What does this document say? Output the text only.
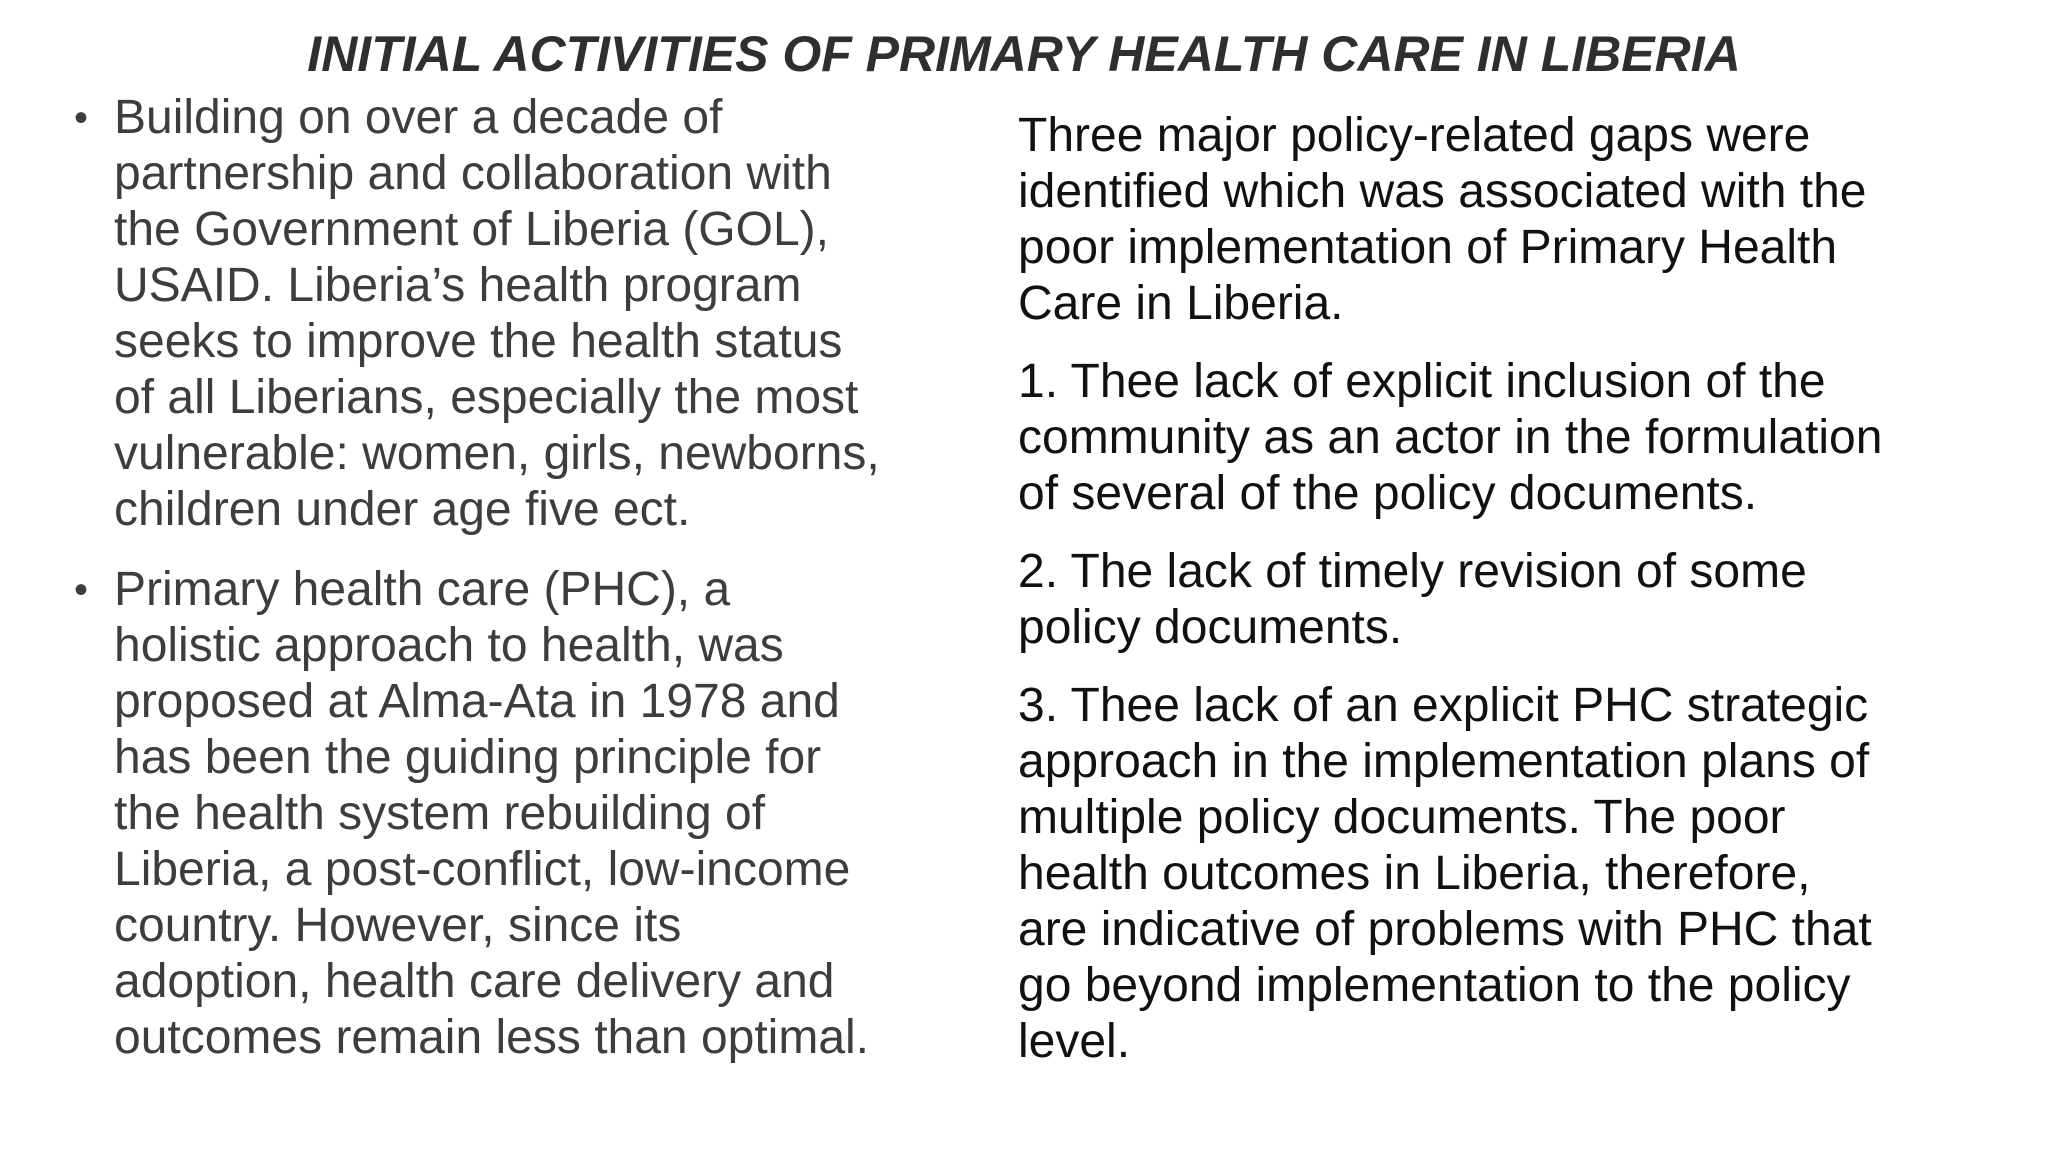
INITIAL ACTIVITIES OF PRIMARY HEALTH CARE IN LIBERIA
• Building on over a decade of
partnership and collaboration with
the Government of Liberia (GOL),
USAID. Liberia’s health program
seeks to improve the health status
of all Liberians, especially the most
vulnerable: women, girls, newborns,
children under age five ect.
• Primary health care (PHC), a
holistic approach to health, was
proposed at Alma-Ata in 1978 and
has been the guiding principle for
the health system rebuilding of
Liberia, a post-conflict, low-income
country. However, since its
adoption, health care delivery and
outcomes remain less than optimal.

Three major policy-related gaps were
identified which was associated with the
poor implementation of Primary Health
Care in Liberia.

1. Thee lack of explicit inclusion of the
community as an actor in the formulation
of several of the policy documents.

2. The lack of timely revision of some
policy documents.

3. Thee lack of an explicit PHC strategic
approach in the implementation plans of
multiple policy documents. The poor
health outcomes in Liberia, therefore,
are indicative of problems with PHC that
go beyond implementation to the policy
level.
